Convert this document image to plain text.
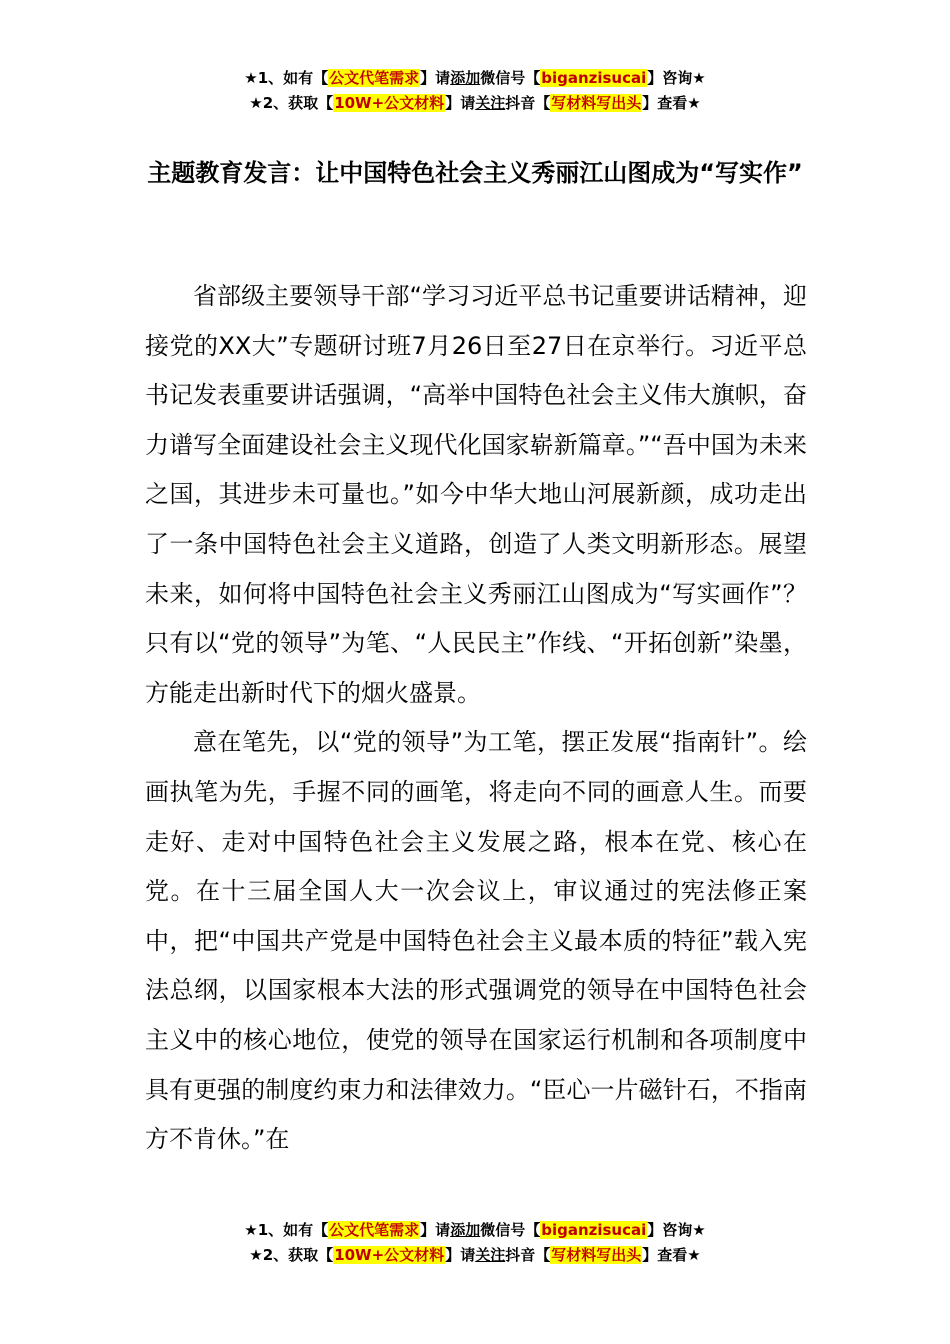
★1、如有【公文代笔需求】请添加微信号【biganzisucai】咨询★
★2、获取【10W+公文材料】请关注抖音【写材料写出头】查看★
主题教育发言：让中国特色社会主义秀丽江山图成为“写实作”

省部级主要领导干部“学习习近平总书记重要讲话精神，迎接党的XX大”专题研讨班7月26日至27日在京举行。习近平总书记发表重要讲话强调，“高举中国特色社会主义伟大旗帜，奋力谱写全面建设社会主义现代化国家崭新篇章。”“吾中国为未来之国，其进步未可量也。”如今中华大地山河展新颜，成功走出了一条中国特色社会主义道路，创造了人类文明新形态。展望未来，如何将中国特色社会主义秀丽江山图成为“写实画作”？只有以“党的领导”为笔、“人民民主”作线、“开拓创新”染墨，方能走出新时代下的烟火盛景。

意在笔先，以“党的领导”为工笔，摆正发展“指南针”。绘画执笔为先，手握不同的画笔，将走向不同的画意人生。而要走好、走对中国特色社会主义发展之路，根本在党、核心在党。在十三届全国人大一次会议上，审议通过的宪法修正案中，把“中国共产党是中国特色社会主义最本质的特征”载入宪法总纲，以国家根本大法的形式强调党的领导在中国特色社会主义中的核心地位，使党的领导在国家运行机制和各项制度中具有更强的制度约束力和法律效力。“臣心一片磁针石，不指南方不肯休。”在

★1、如有【公文代笔需求】请添加微信号【biganzisucai】咨询★
★2、获取【10W+公文材料】请关注抖音【写材料写出头】查看★
